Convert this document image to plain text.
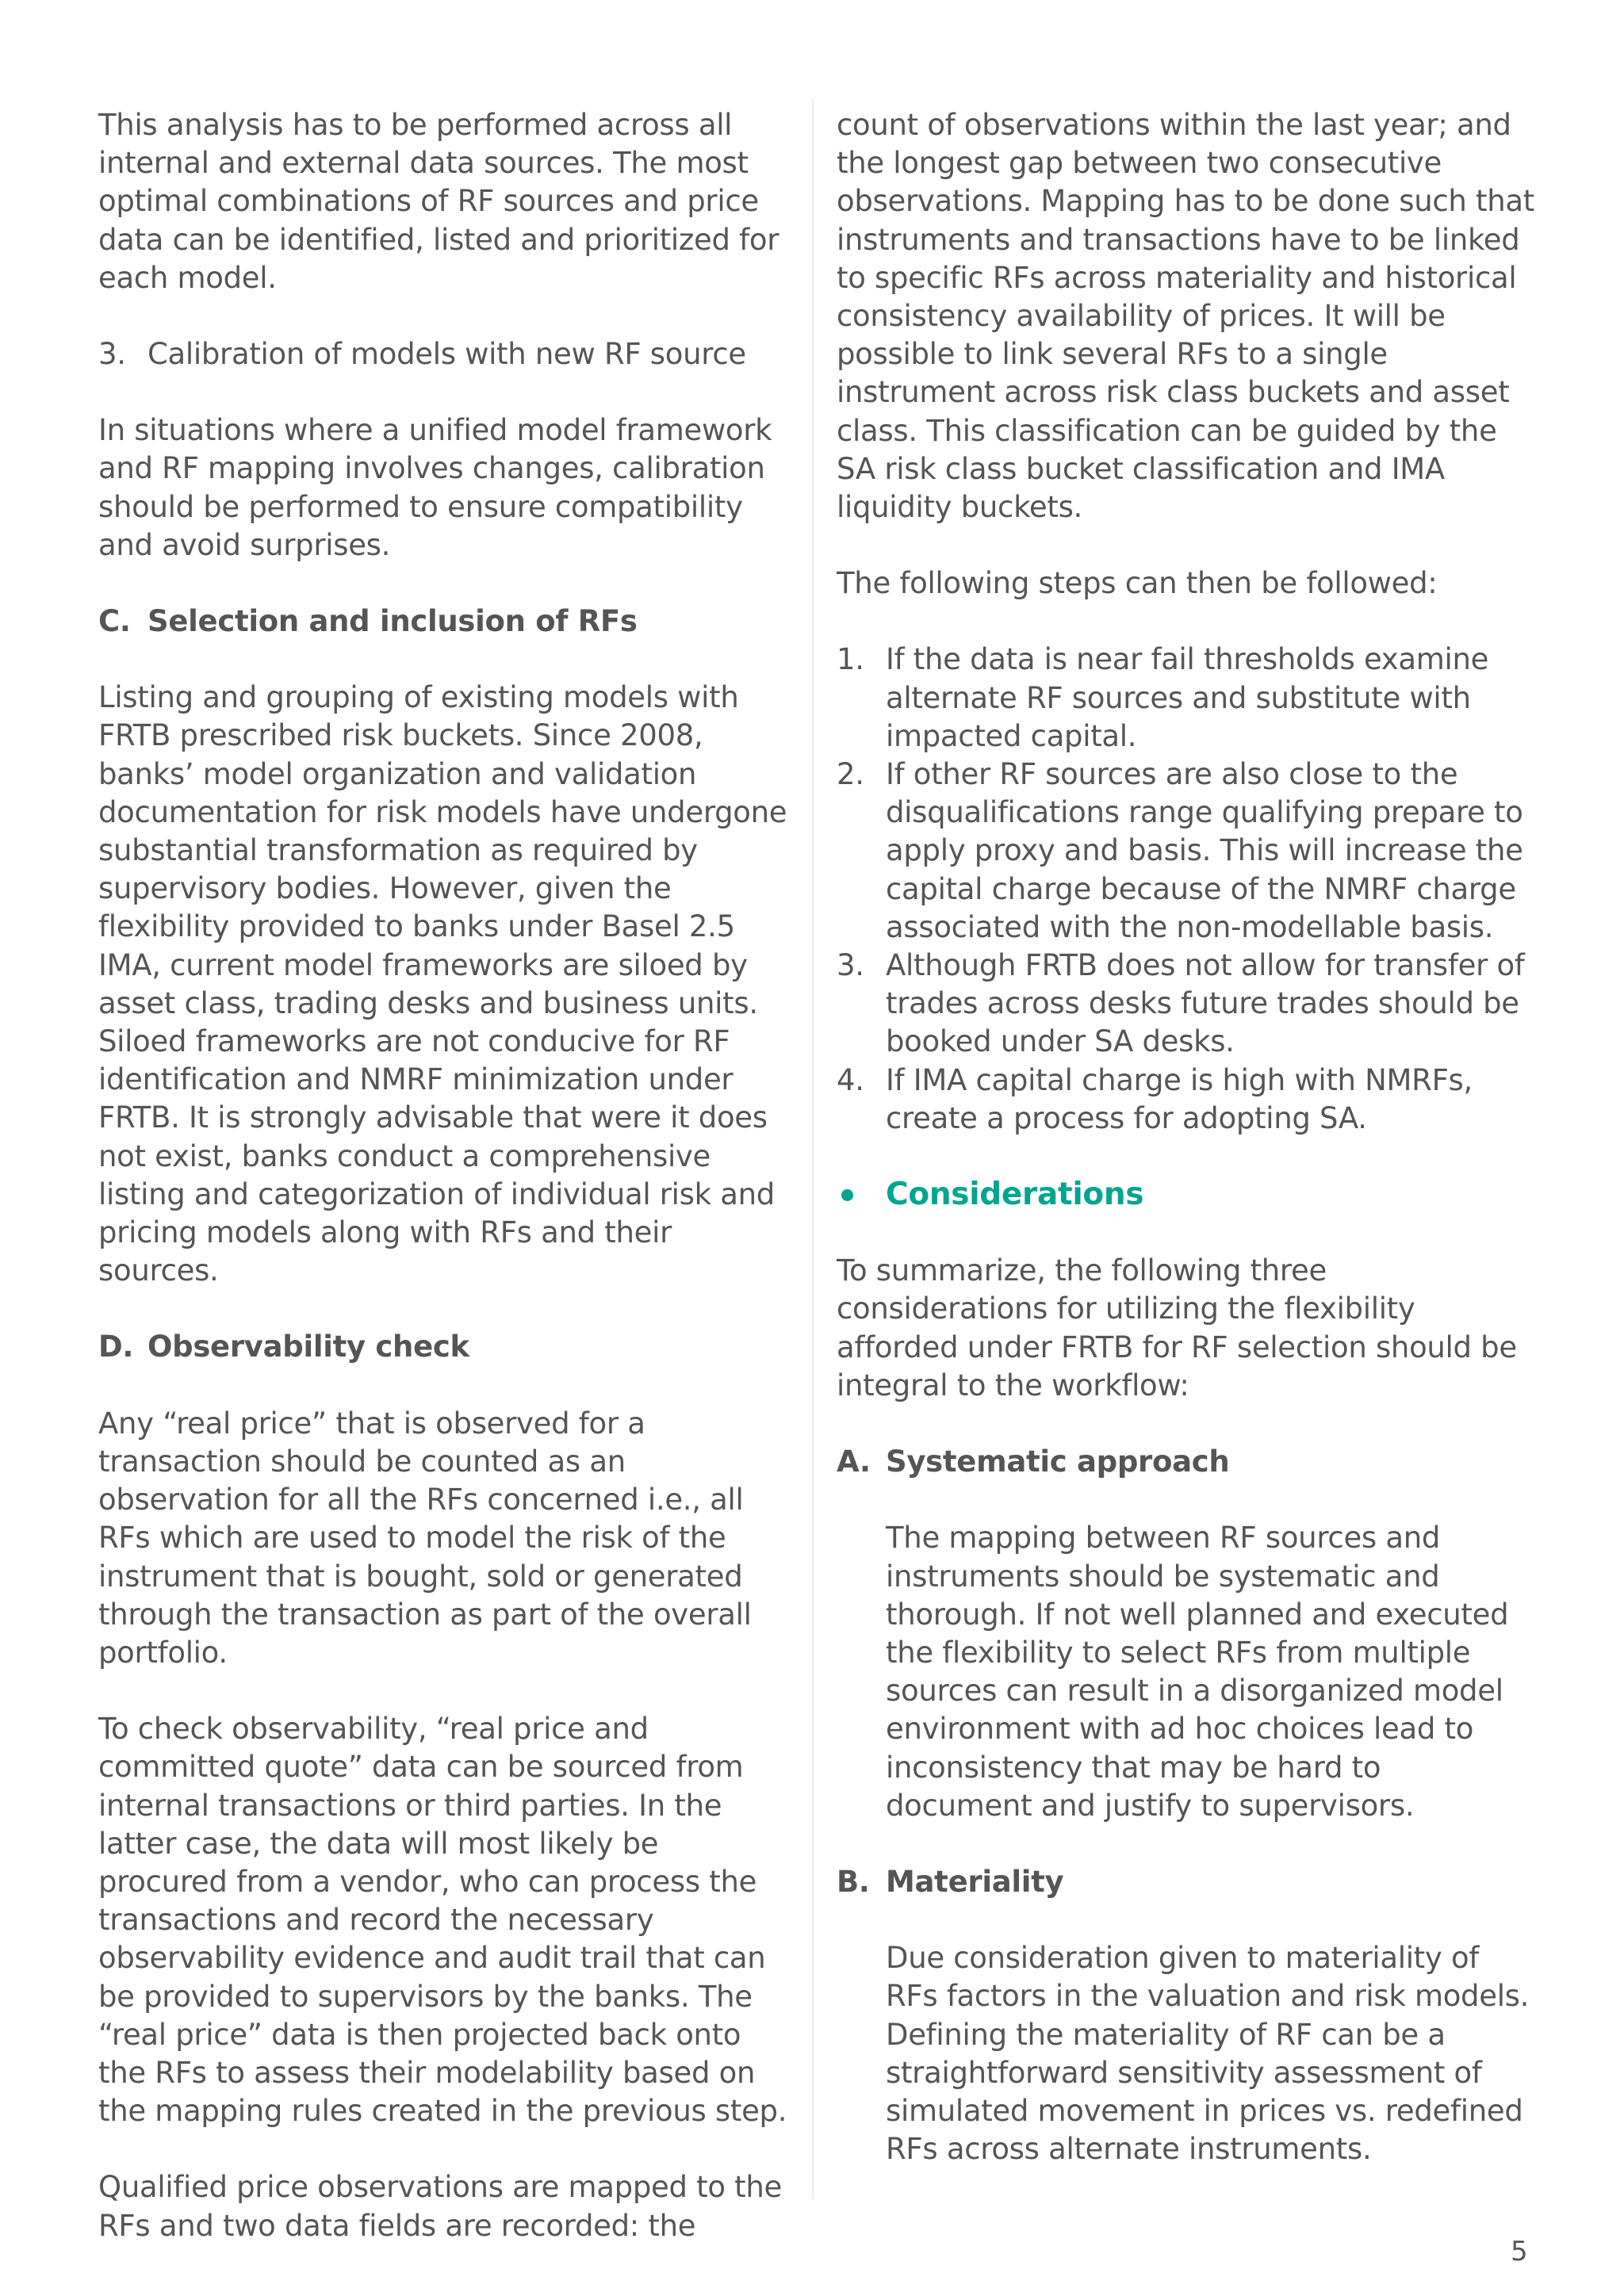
This analysis has to be performed across all internal and external data sources. The most optimal combinations of RF sources and price data can be identified, listed and prioritized for each model.

3. Calibration of models with new RF source

In situations where a unified model framework and RF mapping involves changes, calibration should be performed to ensure compatibility and avoid surprises.

C. Selection and inclusion of RFs

Listing and grouping of existing models with FRTB prescribed risk buckets. Since 2008, banks’ model organization and validation documentation for risk models have undergone substantial transformation as required by supervisory bodies. However, given the flexibility provided to banks under Basel 2.5 IMA, current model frameworks are siloed by asset class, trading desks and business units. Siloed frameworks are not conducive for RF identification and NMRF minimization under FRTB. It is strongly advisable that were it does not exist, banks conduct a comprehensive listing and categorization of individual risk and pricing models along with RFs and their sources.

D. Observability check

Any “real price” that is observed for a transaction should be counted as an observation for all the RFs concerned i.e., all RFs which are used to model the risk of the instrument that is bought, sold or generated through the transaction as part of the overall portfolio.

To check observability, “real price and committed quote” data can be sourced from internal transactions or third parties. In the latter case, the data will most likely be procured from a vendor, who can process the transactions and record the necessary observability evidence and audit trail that can be provided to supervisors by the banks. The “real price” data is then projected back onto the RFs to assess their modelability based on the mapping rules created in the previous step.

Qualified price observations are mapped to the RFs and two data fields are recorded: the

count of observations within the last year; and the longest gap between two consecutive observations. Mapping has to be done such that instruments and transactions have to be linked to specific RFs across materiality and historical consistency availability of prices. It will be possible to link several RFs to a single instrument across risk class buckets and asset class. This classification can be guided by the SA risk class bucket classification and IMA liquidity buckets.

The following steps can then be followed:

1. If the data is near fail thresholds examine alternate RF sources and substitute with impacted capital.
2. If other RF sources are also close to the disqualifications range qualifying prepare to apply proxy and basis. This will increase the capital charge because of the NMRF charge associated with the non-modellable basis.
3. Although FRTB does not allow for transfer of trades across desks future trades should be booked under SA desks.
4. If IMA capital charge is high with NMRFs, create a process for adopting SA.

Considerations

To summarize, the following three considerations for utilizing the flexibility afforded under FRTB for RF selection should be integral to the workflow:

A. Systematic approach

The mapping between RF sources and instruments should be systematic and thorough. If not well planned and executed the flexibility to select RFs from multiple sources can result in a disorganized model environment with ad hoc choices lead to inconsistency that may be hard to document and justify to supervisors.

B. Materiality

Due consideration given to materiality of RFs factors in the valuation and risk models. Defining the materiality of RF can be a straightforward sensitivity assessment of simulated movement in prices vs. redefined RFs across alternate instruments.

5
